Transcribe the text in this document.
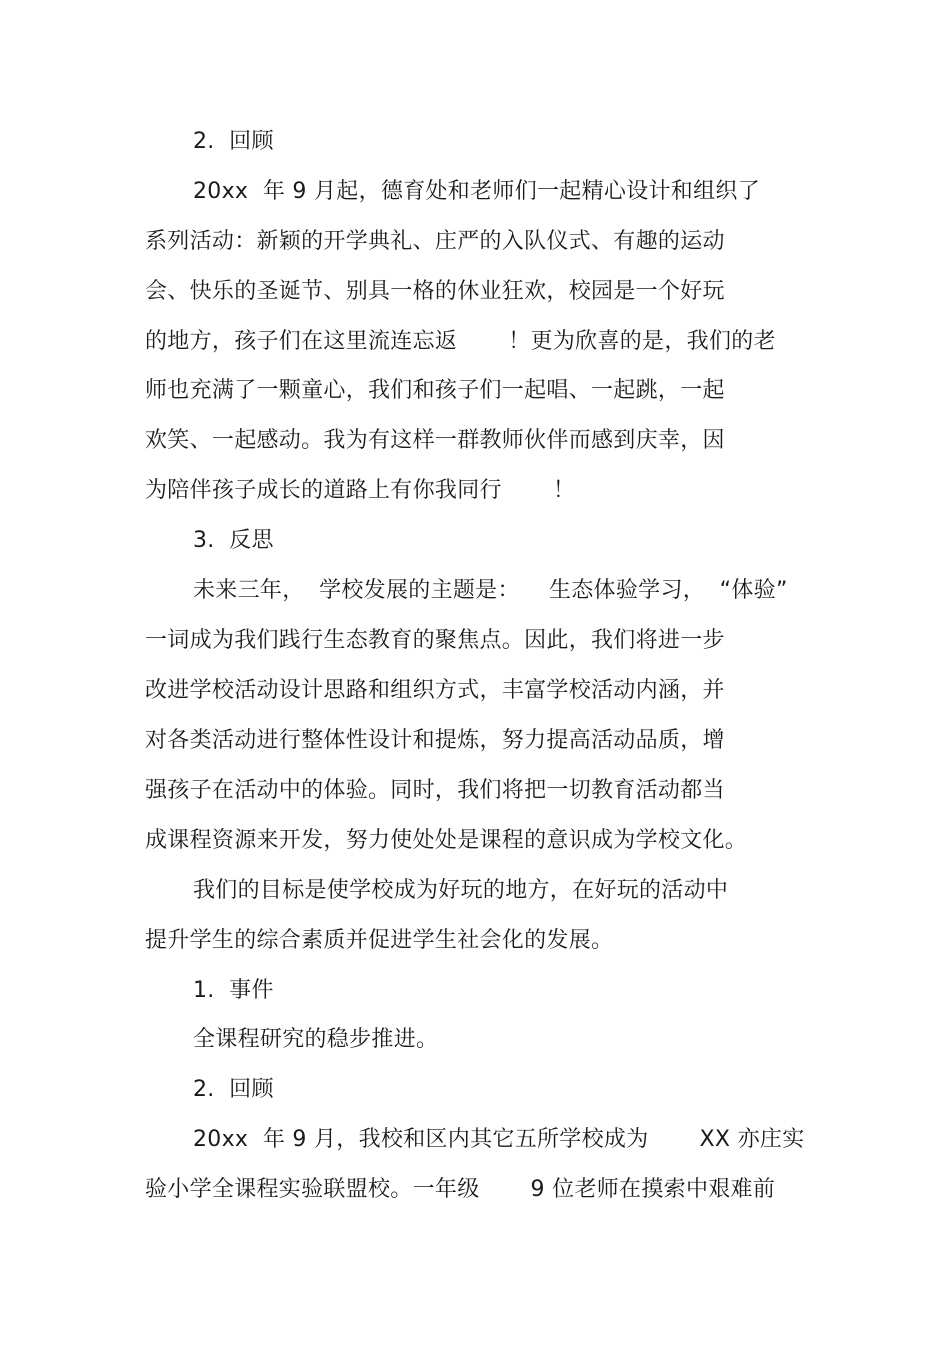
2.  回顾
20xx  年 9 月起，德育处和老师们一起精心设计和组织了
系列活动：新颖的开学典礼、庄严的入队仪式、有趣的运动
会、快乐的圣诞节、别具一格的休业狂欢，校园是一个好玩
的地方，孩子们在这里流连忘返       ！更为欣喜的是，我们的老
师也充满了一颗童心，我们和孩子们一起唱、一起跳，一起
欢笑、一起感动。我为有这样一群教师伙伴而感到庆幸，因
为陪伴孩子成长的道路上有你我同行       ！
3.  反思
未来三年，  学校发展的主题是：    生态体验学习，  “体验”
一词成为我们践行生态教育的聚焦点。因此，我们将进一步
改进学校活动设计思路和组织方式，丰富学校活动内涵，并
对各类活动进行整体性设计和提炼，努力提高活动品质，增
强孩子在活动中的体验。同时，我们将把一切教育活动都当
成课程资源来开发，努力使处处是课程的意识成为学校文化。
我们的目标是使学校成为好玩的地方，在好玩的活动中
提升学生的综合素质并促进学生社会化的发展。
1.  事件
全课程研究的稳步推进。
2.  回顾
20xx  年 9 月，我校和区内其它五所学校成为       XX 亦庄实
验小学全课程实验联盟校。一年级       9 位老师在摸索中艰难前
